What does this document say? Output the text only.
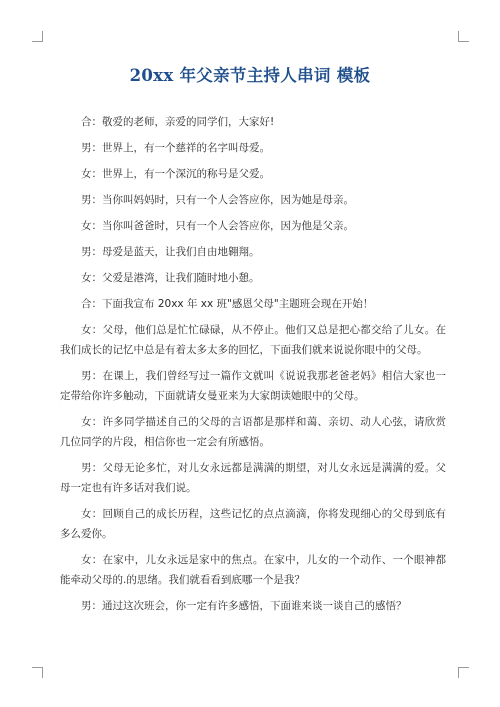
20xx 年父亲节主持人串词 模板

合：敬爱的老师，亲爱的同学们，大家好!

男：世界上，有一个慈祥的名字叫母爱。

女：世界上，有一个深沉的称号是父爱。

男：当你叫妈妈时，只有一个人会答应你，因为她是母亲。

女：当你叫爸爸时，只有一个人会答应你，因为他是父亲。

男：母爱是蓝天，让我们自由地翱翔。

女：父爱是港湾，让我们随时地小憩。

合：下面我宣布 20xx 年 xx 班"感恩父母"主题班会现在开始！

女：父母，他们总是忙忙碌碌，从不停止。他们又总是把心都交给了儿女。在我们成长的记忆中总是有着太多太多的回忆，下面我们就来说说你眼中的父母。

男：在课上，我们曾经写过一篇作文就叫《说说我那老爸老妈》相信大家也一定带给你许多触动，下面就请女曼亚来为大家朗读她眼中的父母。

女：许多同学描述自己的父母的言语都是那样和蔼、亲切、动人心弦，请欣赏几位同学的片段，相信你也一定会有所感悟。

男：父母无论多忙，对儿女永远都是满满的期望，对儿女永远是满满的爱。父母一定也有许多话对我们说。

女：回顾自己的成长历程，这些记忆的点点滴滴，你将发现细心的父母到底有多么爱你。

女：在家中，儿女永远是家中的焦点。在家中，儿女的一个动作、一个眼神都能牵动父母的.的思绪。我们就看看到底哪一个是我？

男：通过这次班会，你一定有许多感悟，下面谁来谈一谈自己的感悟？
